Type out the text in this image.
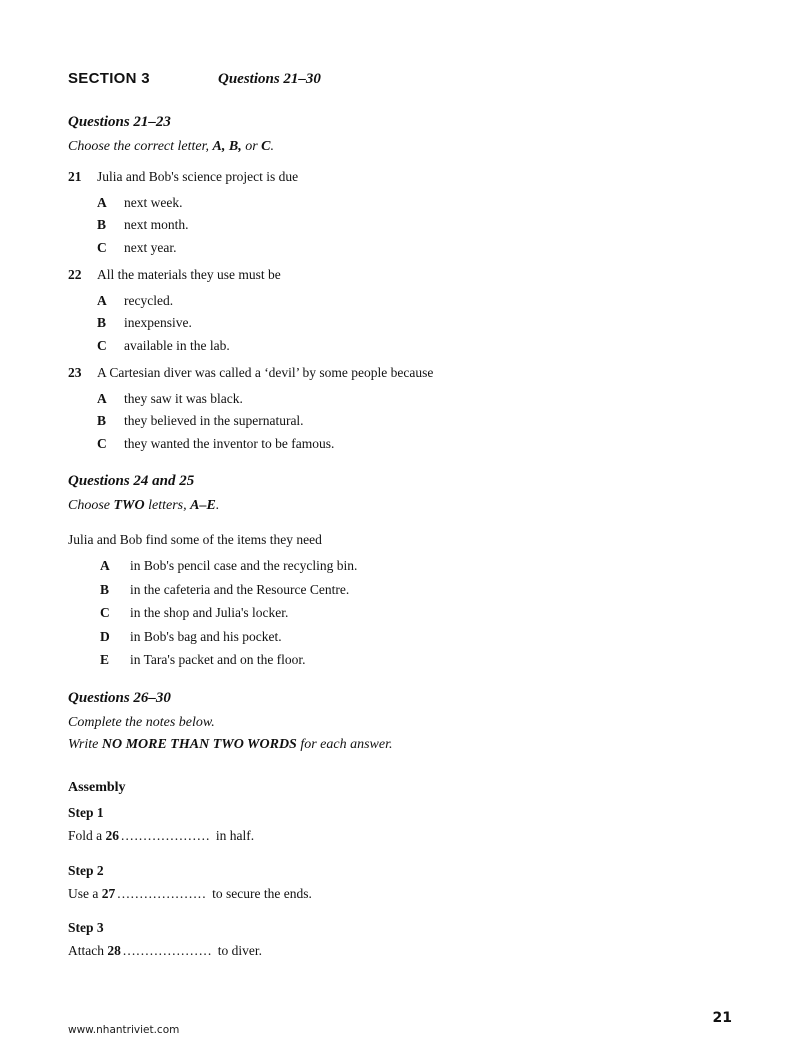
SECTION 3	Questions 21–30
Questions 21–23
Choose the correct letter, A, B, or C.
21 Julia and Bob's science project is due
A next week.
B next month.
C next year.
22 All the materials they use must be
A recycled.
B inexpensive.
C available in the lab.
23 A Cartesian diver was called a ‘devil’ by some people because
A they saw it was black.
B they believed in the supernatural.
C they wanted the inventor to be famous.
Questions 24 and 25
Choose TWO letters, A–E.
Julia and Bob find some of the items they need
A in Bob's pencil case and the recycling bin.
B in the cafeteria and the Resource Centre.
C in the shop and Julia's locker.
D in Bob's bag and his pocket.
E in Tara's packet and on the floor.
Questions 26–30
Complete the notes below.
Write NO MORE THAN TWO WORDS for each answer.
Assembly
Step 1
Fold a 26 .................... in half.
Step 2
Use a 27 .................... to secure the ends.
Step 3
Attach 28 .................... to diver.
www.nhantriviet.com
21
